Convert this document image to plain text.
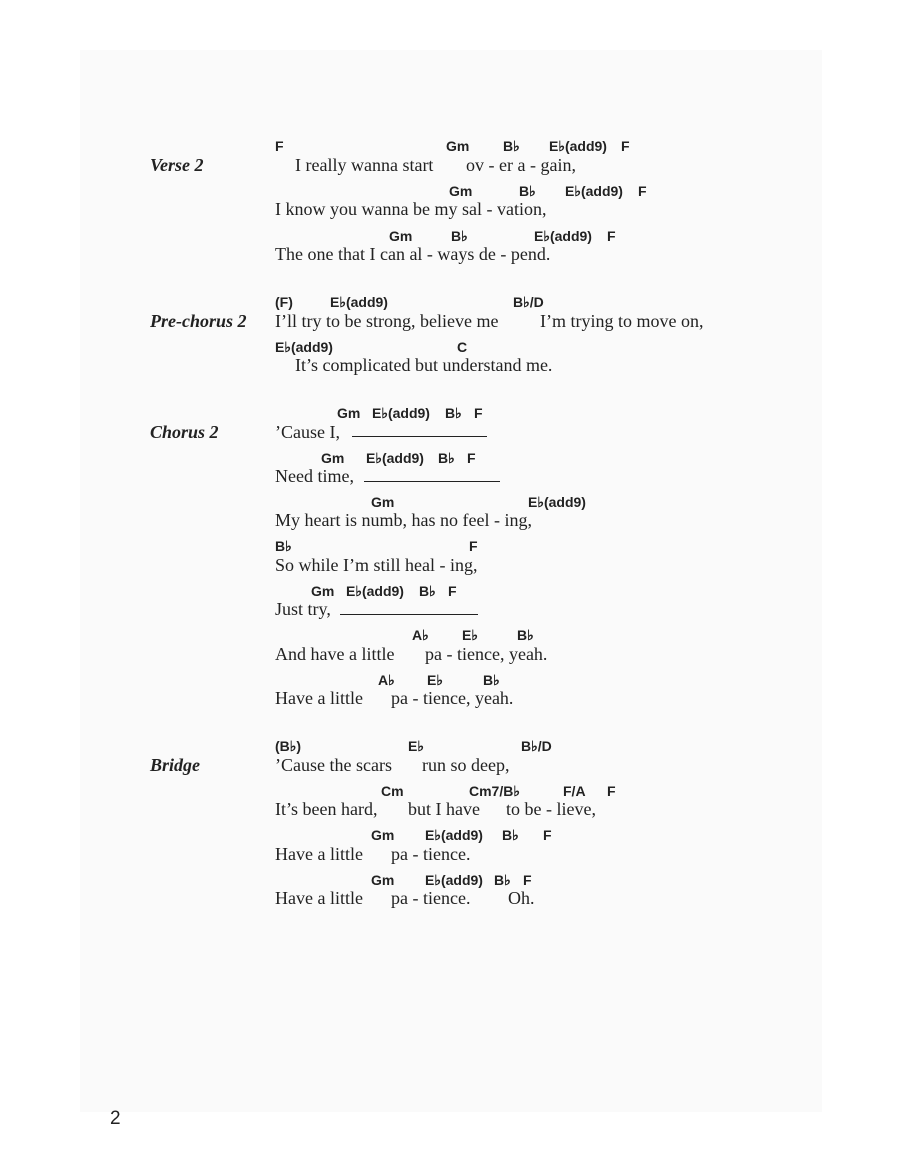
Verse 2
F	Gm B♭ E♭(add9) F
I really wanna start ov - er a - gain,
Gm	B♭ E♭(add9) F
I know you wanna be my sal - vation,
Gm	B♭	E♭(add9) F
The one that I can al - ways de - pend.
Pre-chorus 2
(F)	E♭(add9)	B♭/D
I’ll try to be strong, believe me I’m trying to move on,
E♭(add9)	C
It’s complicated but understand me.
Chorus 2
Gm E♭(add9) B♭ F
’Cause I,
Gm E♭(add9) B♭ F
Need time,
Gm	E♭(add9)
My heart is numb, has no feel - ing,
B♭	F
So while I’m still heal - ing,
Gm E♭(add9) B♭ F
Just try,
A♭ E♭	B♭
And have a little pa - tience, yeah.
A♭ E♭	B♭
Have a little pa - tience, yeah.
Bridge
(B♭)	E♭	B♭/D
’Cause the scars run so deep,
Cm	Cm7/B♭	F/A F
It’s been hard, but I have to be - lieve,
Gm E♭(add9) B♭ F
Have a little pa - tience.
Gm E♭(add9) B♭ F
Have a little pa - tience. Oh.
2
